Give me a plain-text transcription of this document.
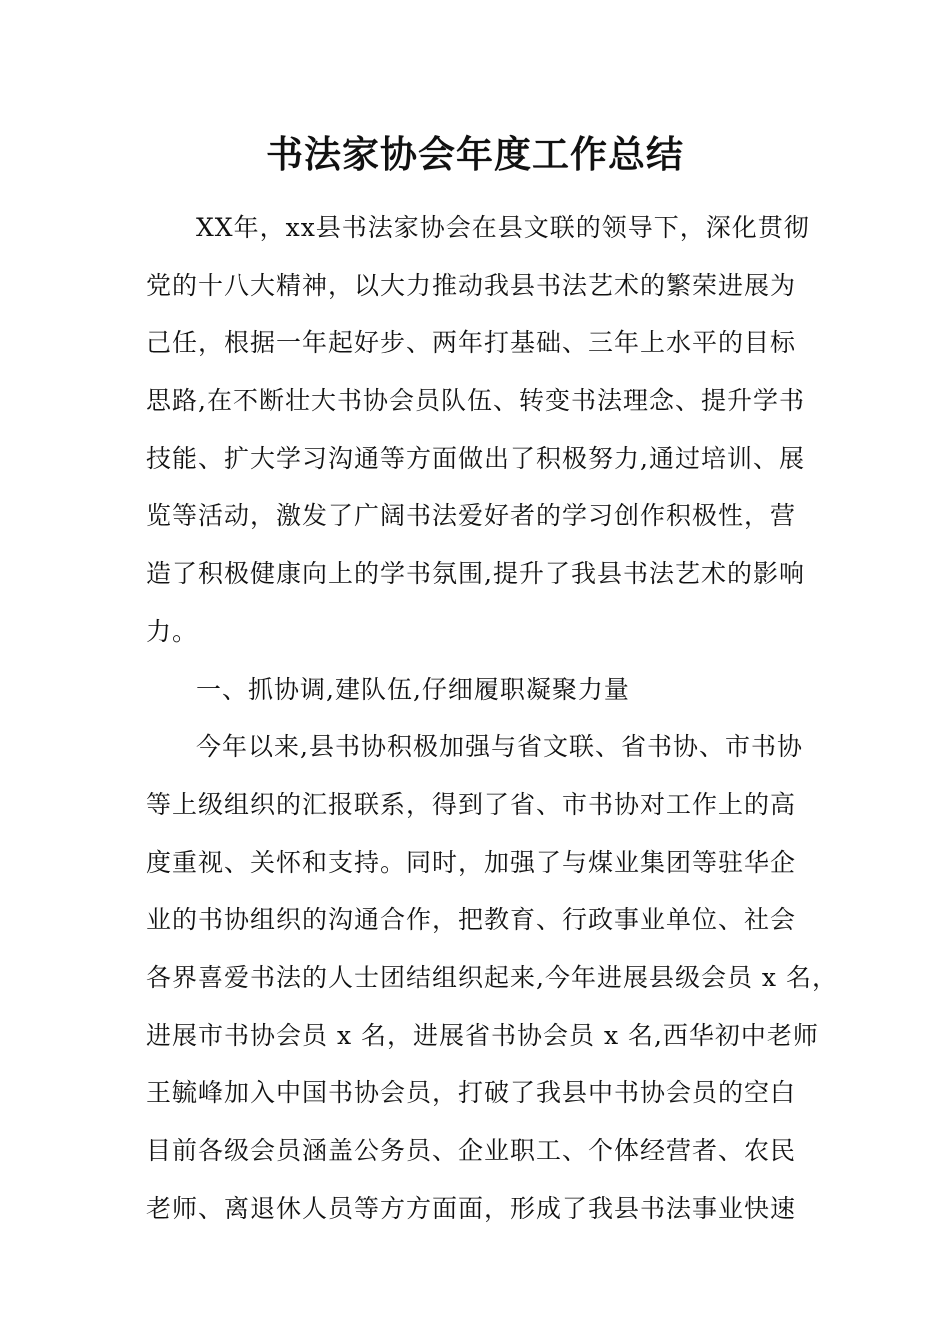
书法家协会年度工作总结
XX年，xx县书法家协会在县文联的领导下，深化贯彻
党的十八大精神，以大力推动我县书法艺术的繁荣进展为
己任，根据一年起好步、两年打基础、三年上水平的目标
思路,在不断壮大书协会员队伍、转变书法理念、提升学书
技能、扩大学习沟通等方面做出了积极努力,通过培训、展
览等活动，激发了广阔书法爱好者的学习创作积极性，营
造了积极健康向上的学书氛围,提升了我县书法艺术的影响
力。
一、抓协调,建队伍,仔细履职凝聚力量
今年以来,县书协积极加强与省文联、省书协、市书协
等上级组织的汇报联系，得到了省、市书协对工作上的高
度重视、关怀和支持。同时，加强了与煤业集团等驻华企
业的书协组织的沟通合作，把教育、行政事业单位、社会
各界喜爱书法的人士团结组织起来,今年进展县级会员 x 名，
进展市书协会员 x 名，进展省书协会员 x 名,西华初中老师
王毓峰加入中国书协会员，打破了我县中书协会员的空白
目前各级会员涵盖公务员、企业职工、个体经营者、农民
老师、离退休人员等方方面面，形成了我县书法事业快速
